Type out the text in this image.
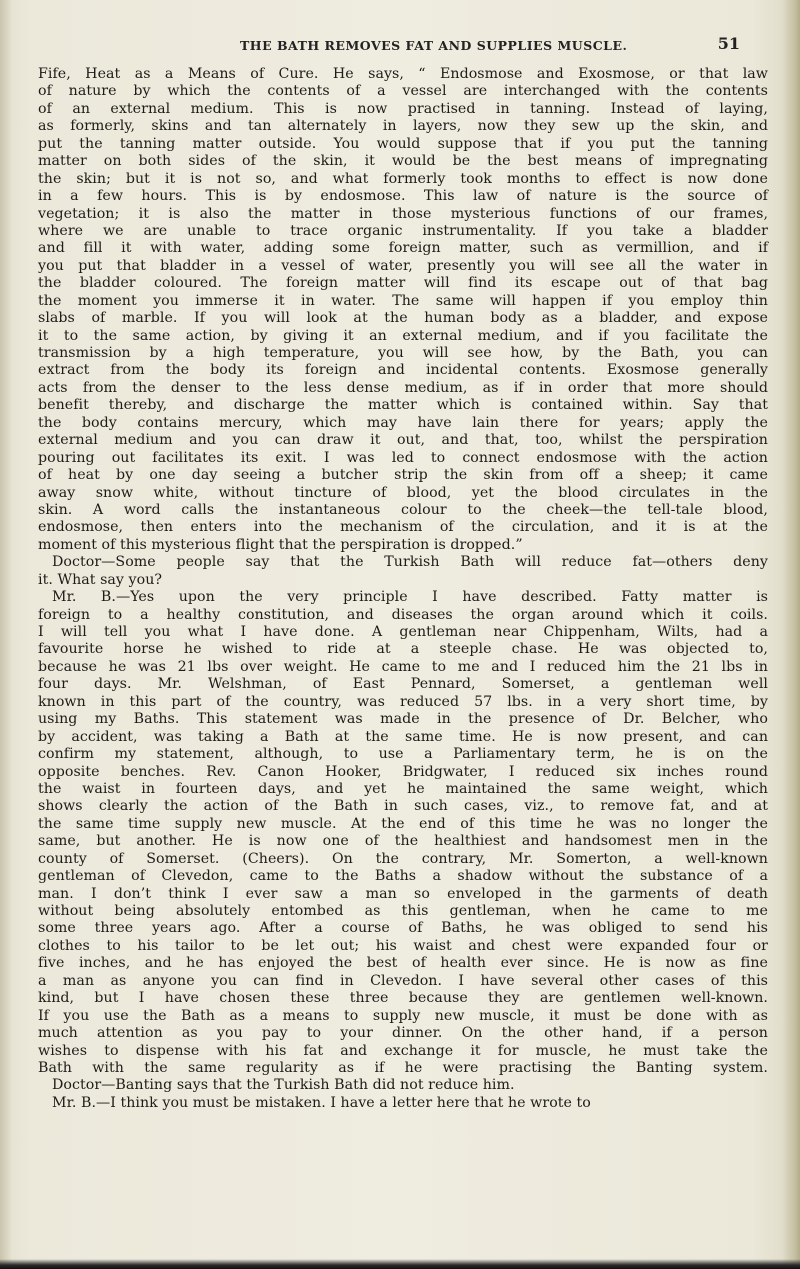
THE BATH REMOVES FAT AND SUPPLIES MUSCLE.	51
Fife, Heat as a Means of Cure. He says, “ Endosmose and Exosmose, or that law
of nature by which the contents of a vessel are interchanged with the contents
of an external medium. This is now practised in tanning. Instead of laying,
as formerly, skins and tan alternately in layers, now they sew up the skin, and
put the tanning matter outside. You would suppose that if you put the tanning
matter on both sides of the skin, it would be the best means of impregnating
the skin; but it is not so, and what formerly took months to effect is now done
in a few hours. This is by endosmose. This law of nature is the source of
vegetation; it is also the matter in those mysterious functions of our frames,
where we are unable to trace organic instrumentality. If you take a bladder
and fill it with water, adding some foreign matter, such as vermillion, and if
you put that bladder in a vessel of water, presently you will see all the water in
the bladder coloured. The foreign matter will find its escape out of that bag
the moment you immerse it in water. The same will happen if you employ thin
slabs of marble. If you will look at the human body as a bladder, and expose
it to the same action, by giving it an external medium, and if you facilitate the
transmission by a high temperature, you will see how, by the Bath, you can
extract from the body its foreign and incidental contents. Exosmose generally
acts from the denser to the less dense medium, as if in order that more should
benefit thereby, and discharge the matter which is contained within. Say that
the body contains mercury, which may have lain there for years; apply the
external medium and you can draw it out, and that, too, whilst the perspiration
pouring out facilitates its exit. I was led to connect endosmose with the action
of heat by one day seeing a butcher strip the skin from off a sheep; it came
away snow white, without tincture of blood, yet the blood circulates in the
skin. A word calls the instantaneous colour to the cheek—the tell-tale blood,
endosmose, then enters into the mechanism of the circulation, and it is at the
moment of this mysterious flight that the perspiration is dropped.”
Doctor—Some people say that the Turkish Bath will reduce fat—others deny
it. What say you?
Mr. B.—Yes upon the very principle I have described. Fatty matter is
foreign to a healthy constitution, and diseases the organ around which it coils.
I will tell you what I have done. A gentleman near Chippenham, Wilts, had a
favourite horse he wished to ride at a steeple chase. He was objected to,
because he was 21 lbs over weight. He came to me and I reduced him the 21 lbs in
four days. Mr. Welshman, of East Pennard, Somerset, a gentleman well
known in this part of the country, was reduced 57 lbs. in a very short time, by
using my Baths. This statement was made in the presence of Dr. Belcher, who
by accident, was taking a Bath at the same time. He is now present, and can
confirm my statement, although, to use a Parliamentary term, he is on the
opposite benches. Rev. Canon Hooker, Bridgwater, I reduced six inches round
the waist in fourteen days, and yet he maintained the same weight, which
shows clearly the action of the Bath in such cases, viz., to remove fat, and at
the same time supply new muscle. At the end of this time he was no longer the
same, but another. He is now one of the healthiest and handsomest men in the
county of Somerset. (Cheers). On the contrary, Mr. Somerton, a well-known
gentleman of Clevedon, came to the Baths a shadow without the substance of a
man. I don’t think I ever saw a man so enveloped in the garments of death
without being absolutely entombed as this gentleman, when he came to me
some three years ago. After a course of Baths, he was obliged to send his
clothes to his tailor to be let out; his waist and chest were expanded four or
five inches, and he has enjoyed the best of health ever since. He is now as fine
a man as anyone you can find in Clevedon. I have several other cases of this
kind, but I have chosen these three because they are gentlemen well-known.
If you use the Bath as a means to supply new muscle, it must be done with as
much attention as you pay to your dinner. On the other hand, if a person
wishes to dispense with his fat and exchange it for muscle, he must take the
Bath with the same regularity as if he were practising the Banting system.
Doctor—Banting says that the Turkish Bath did not reduce him.
Mr. B.—I think you must be mistaken. I have a letter here that he wrote to
